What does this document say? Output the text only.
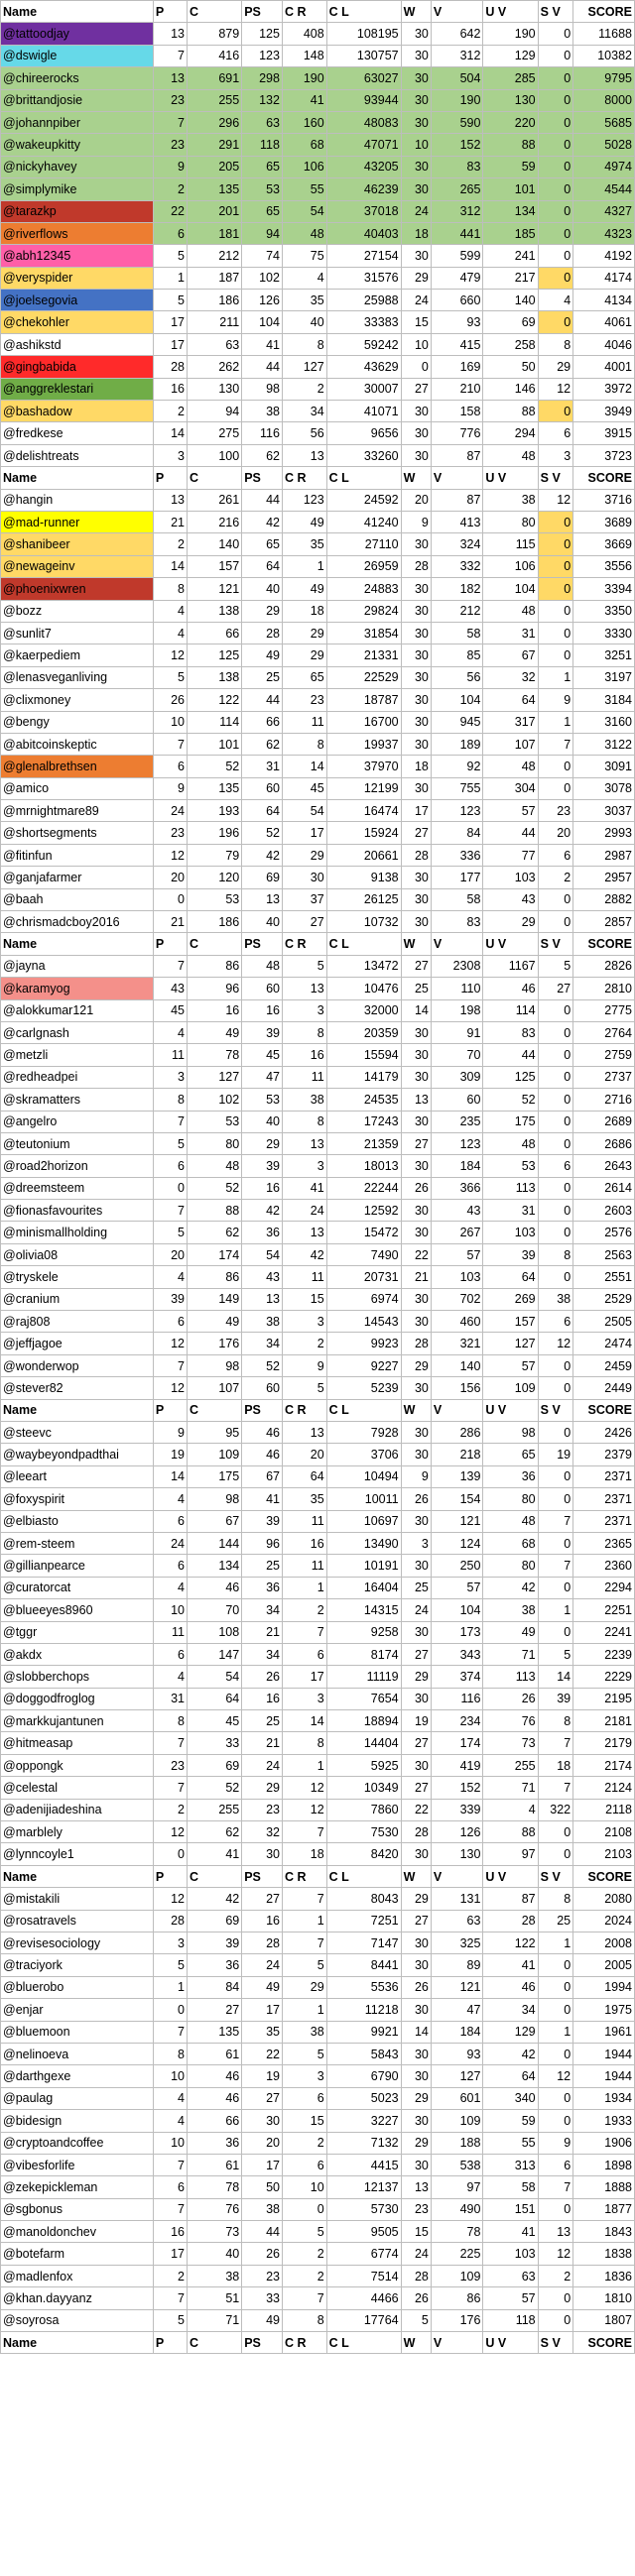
Name	P	C	PS	C R	C L	W	V	U V	S V	SCORE
@tattoodjay	13	879	125	408	108195	30	642	190	0	11688
@dswigle	7	416	123	148	130757	30	312	129	0	10382
@chireerocks	13	691	298	190	63027	30	504	285	0	9795
@brittandjosie	23	255	132	41	93944	30	190	130	0	8000
@johannpiber	7	296	63	160	48083	30	590	220	0	5685
@wakeupkitty	23	291	118	68	47071	10	152	88	0	5028
@nickyhavey	9	205	65	106	43205	30	83	59	0	4974
@simplymike	2	135	53	55	46239	30	265	101	0	4544
@tarazkp	22	201	65	54	37018	24	312	134	0	4327
@riverflows	6	181	94	48	40403	18	441	185	0	4323
@abh12345	5	212	74	75	27154	30	599	241	0	4192
@veryspider	1	187	102	4	31576	29	479	217	0	4174
@joelsegovia	5	186	126	35	25988	24	660	140	4	4134
@chekohler	17	211	104	40	33383	15	93	69	0	4061
@ashikstd	17	63	41	8	59242	10	415	258	8	4046
@gingbabida	28	262	44	127	43629	0	169	50	29	4001
@anggreklestari	16	130	98	2	30007	27	210	146	12	3972
@bashadow	2	94	38	34	41071	30	158	88	0	3949
@fredkese	14	275	116	56	9656	30	776	294	6	3915
@delishtreats	3	100	62	13	33260	30	87	48	3	3723
Name	P	C	PS	C R	C L	W	V	U V	S V	SCORE
@hangin	13	261	44	123	24592	20	87	38	12	3716
@mad-runner	21	216	42	49	41240	9	413	80	0	3689
@shanibeer	2	140	65	35	27110	30	324	115	0	3669
@newageinv	14	157	64	1	26959	28	332	106	0	3556
@phoenixwren	8	121	40	49	24883	30	182	104	0	3394
@bozz	4	138	29	18	29824	30	212	48	0	3350
@sunlit7	4	66	28	29	31854	30	58	31	0	3330
@kaerpediem	12	125	49	29	21331	30	85	67	0	3251
@lenasveganliving	5	138	25	65	22529	30	56	32	1	3197
@clixmoney	26	122	44	23	18787	30	104	64	9	3184
@bengy	10	114	66	11	16700	30	945	317	1	3160
@abitcoinskeptic	7	101	62	8	19937	30	189	107	7	3122
@glenalbrethsen	6	52	31	14	37970	18	92	48	0	3091
@amico	9	135	60	45	12199	30	755	304	0	3078
@mrnightmare89	24	193	64	54	16474	17	123	57	23	3037
@shortsegments	23	196	52	17	15924	27	84	44	20	2993
@fitinfun	12	79	42	29	20661	28	336	77	6	2987
@ganjafarmer	20	120	69	30	9138	30	177	103	2	2957
@baah	0	53	13	37	26125	30	58	43	0	2882
@chrismadcboy2016	21	186	40	27	10732	30	83	29	0	2857
Name	P	C	PS	C R	C L	W	V	U V	S V	SCORE
@jayna	7	86	48	5	13472	27	2308	1167	5	2826
@karamyog	43	96	60	13	10476	25	110	46	27	2810
@alokkumar121	45	16	16	3	32000	14	198	114	0	2775
@carlgnash	4	49	39	8	20359	30	91	83	0	2764
@metzli	11	78	45	16	15594	30	70	44	0	2759
@redheadpei	3	127	47	11	14179	30	309	125	0	2737
@skramatters	8	102	53	38	24535	13	60	52	0	2716
@angelro	7	53	40	8	17243	30	235	175	0	2689
@teutonium	5	80	29	13	21359	27	123	48	0	2686
@road2horizon	6	48	39	3	18013	30	184	53	6	2643
@dreemsteem	0	52	16	41	22244	26	366	113	0	2614
@fionasfavourites	7	88	42	24	12592	30	43	31	0	2603
@minismallholding	5	62	36	13	15472	30	267	103	0	2576
@olivia08	20	174	54	42	7490	22	57	39	8	2563
@tryskele	4	86	43	11	20731	21	103	64	0	2551
@cranium	39	149	13	15	6974	30	702	269	38	2529
@raj808	6	49	38	3	14543	30	460	157	6	2505
@jeffjagoe	12	176	34	2	9923	28	321	127	12	2474
@wonderwop	7	98	52	9	9227	29	140	57	0	2459
@stever82	12	107	60	5	5239	30	156	109	0	2449
Name	P	C	PS	C R	C L	W	V	U V	S V	SCORE
@steevc	9	95	46	13	7928	30	286	98	0	2426
@waybeyondpadthai	19	109	46	20	3706	30	218	65	19	2379
@leeart	14	175	67	64	10494	9	139	36	0	2371
@foxyspirit	4	98	41	35	10011	26	154	80	0	2371
@elbiasto	6	67	39	11	10697	30	121	48	7	2371
@rem-steem	24	144	96	16	13490	3	124	68	0	2365
@gillianpearce	6	134	25	11	10191	30	250	80	7	2360
@curatorcat	4	46	36	1	16404	25	57	42	0	2294
@blueeyes8960	10	70	34	2	14315	24	104	38	1	2251
@tggr	11	108	21	7	9258	30	173	49	0	2241
@akdx	6	147	34	6	8174	27	343	71	5	2239
@slobberchops	4	54	26	17	11119	29	374	113	14	2229
@doggodfroglog	31	64	16	3	7654	30	116	26	39	2195
@markkujantunen	8	45	25	14	18894	19	234	76	8	2181
@hitmeasap	7	33	21	8	14404	27	174	73	7	2179
@oppongk	23	69	24	1	5925	30	419	255	18	2174
@celestal	7	52	29	12	10349	27	152	71	7	2124
@adenijiadeshina	2	255	23	12	7860	22	339	4	322	2118
@marblely	12	62	32	7	7530	28	126	88	0	2108
@lynncoyle1	0	41	30	18	8420	30	130	97	0	2103
Name	P	C	PS	C R	C L	W	V	U V	S V	SCORE
@mistakili	12	42	27	7	8043	29	131	87	8	2080
@rosatravels	28	69	16	1	7251	27	63	28	25	2024
@revisesociology	3	39	28	7	7147	30	325	122	1	2008
@traciyork	5	36	24	5	8441	30	89	41	0	2005
@bluerobo	1	84	49	29	5536	26	121	46	0	1994
@enjar	0	27	17	1	11218	30	47	34	0	1975
@bluemoon	7	135	35	38	9921	14	184	129	1	1961
@nelinoeva	8	61	22	5	5843	30	93	42	0	1944
@darthgexe	10	46	19	3	6790	30	127	64	12	1944
@paulag	4	46	27	6	5023	29	601	340	0	1934
@bidesign	4	66	30	15	3227	30	109	59	0	1933
@cryptoandcoffee	10	36	20	2	7132	29	188	55	9	1906
@vibesforlife	7	61	17	6	4415	30	538	313	6	1898
@zekepickleman	6	78	50	10	12137	13	97	58	7	1888
@sgbonus	7	76	38	0	5730	23	490	151	0	1877
@manoldonchev	16	73	44	5	9505	15	78	41	13	1843
@botefarm	17	40	26	2	6774	24	225	103	12	1838
@madlenfox	2	38	23	2	7514	28	109	63	2	1836
@khan.dayyanz	7	51	33	7	4466	26	86	57	0	1810
@soyrosa	5	71	49	8	17764	5	176	118	0	1807
Name	P	C	PS	C R	C L	W	V	U V	S V	SCORE
